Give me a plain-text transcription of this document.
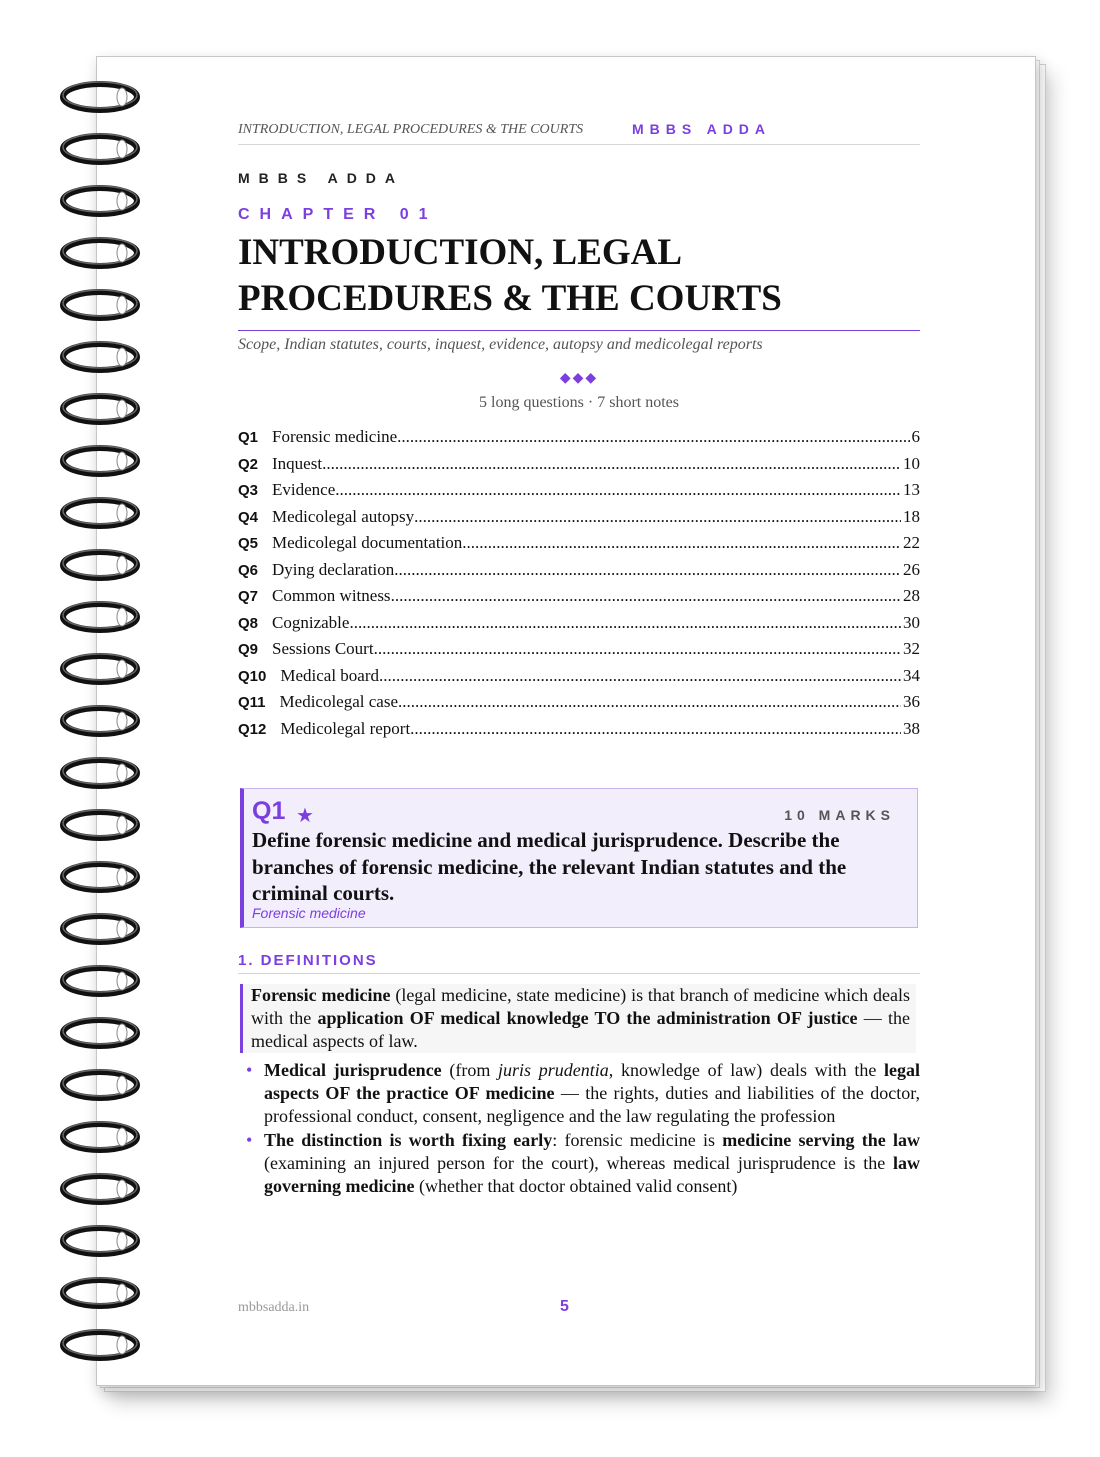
INTRODUCTION, LEGAL PROCEDURES & THE COURTS	MBBS ADDA
MBBS ADDA
CHAPTER 01
INTRODUCTION, LEGAL
PROCEDURES & THE COURTS
Scope, Indian statutes, courts, inquest, evidence, autopsy and medicolegal reports
◆◆◆
5 long questions · 7 short notes
Q1 Forensic medicine .....	6
Q2 Inquest .....	10
Q3 Evidence .....	13
Q4 Medicolegal autopsy .....	18
Q5 Medicolegal documentation .....	22
Q6 Dying declaration .....	26
Q7 Common witness .....	28
Q8 Cognizable .....	30
Q9 Sessions Court .....	32
Q10 Medical board .....	34
Q11 Medicolegal case .....	36
Q12 Medicolegal report .....	38
Q1 ★	10 MARKS
Define forensic medicine and medical jurisprudence. Describe the branches of forensic medicine, the relevant Indian statutes and the criminal courts.
Forensic medicine
1. DEFINITIONS
Forensic medicine (legal medicine, state medicine) is that branch of medicine which deals with the application OF medical knowledge TO the administration OF justice — the medical aspects of law.
• Medical jurisprudence (from juris prudentia, knowledge of law) deals with the legal aspects OF the practice OF medicine — the rights, duties and liabilities of the doctor, professional conduct, consent, negligence and the law regulating the profession
• The distinction is worth fixing early: forensic medicine is medicine serving the law (examining an injured person for the court), whereas medical jurisprudence is the law governing medicine (whether that doctor obtained valid consent)
mbbsadda.in	5
